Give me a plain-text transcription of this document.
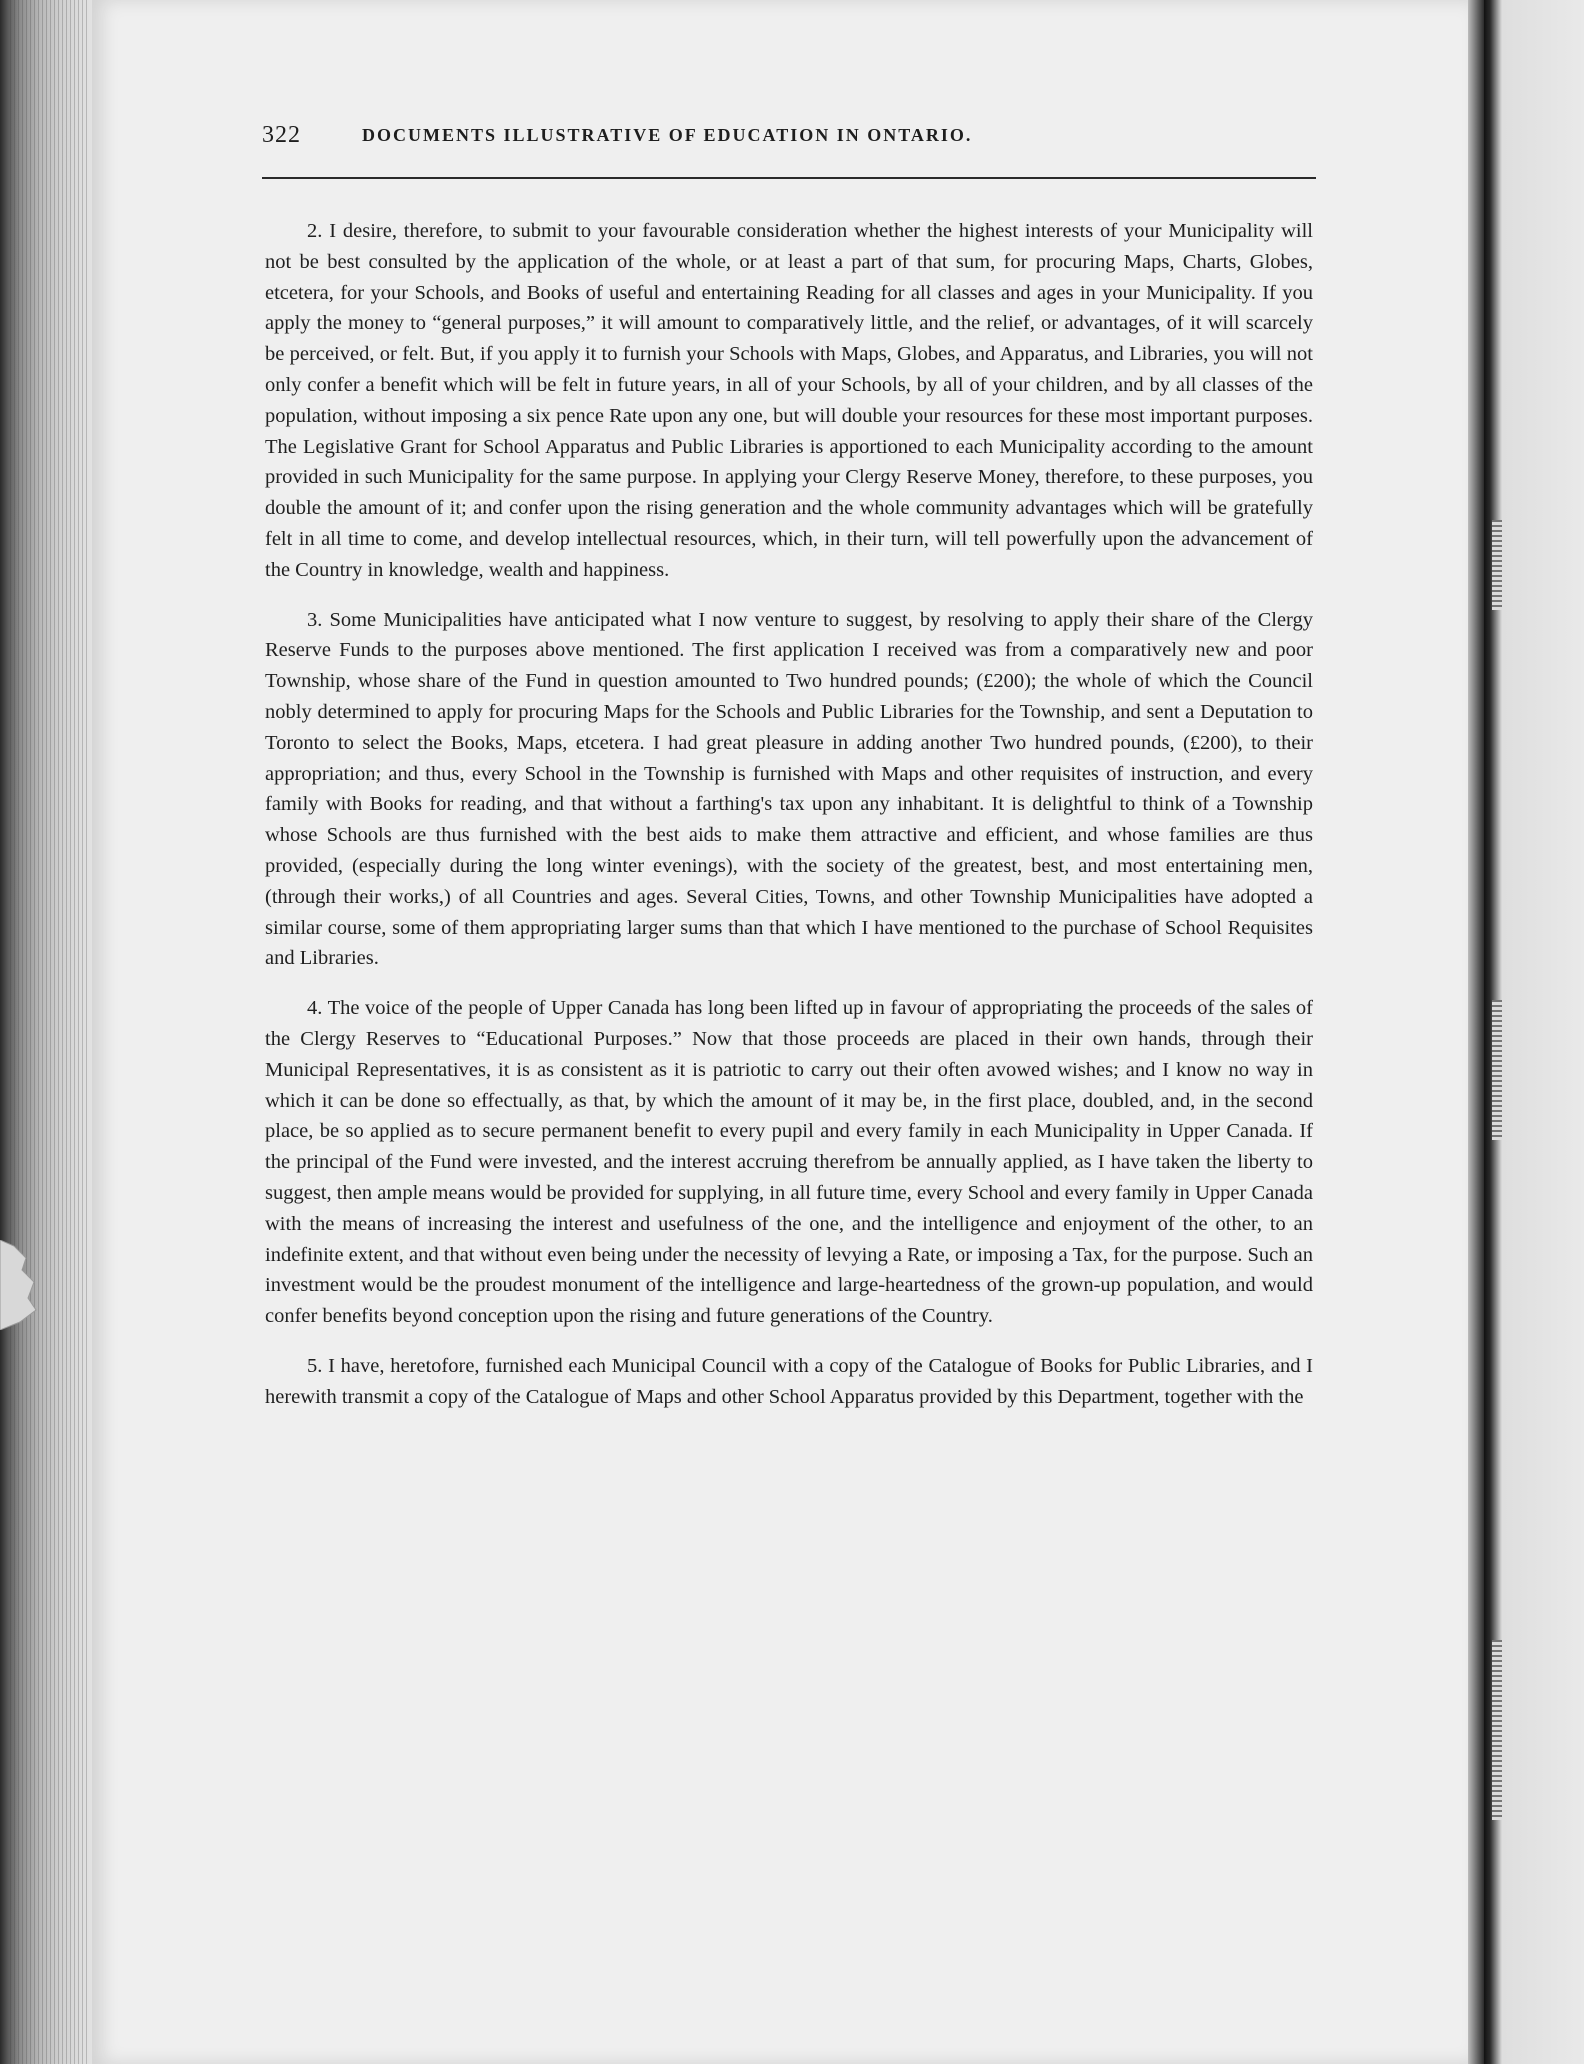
322	DOCUMENTS ILLUSTRATIVE OF EDUCATION IN ONTARIO.

2. I desire, therefore, to submit to your favourable consideration whether the highest interests of your Municipality will not be best consulted by the application of the whole, or at least a part of that sum, for procuring Maps, Charts, Globes, etcetera, for your Schools, and Books of useful and entertaining Reading for all classes and ages in your Municipality. If you apply the money to “general purposes,” it will amount to comparatively little, and the relief, or advantages, of it will scarcely be perceived, or felt. But, if you apply it to furnish your Schools with Maps, Globes, and Apparatus, and Libraries, you will not only confer a benefit which will be felt in future years, in all of your Schools, by all of your children, and by all classes of the population, without imposing a six pence Rate upon any one, but will double your resources for these most important purposes. The Legislative Grant for School Apparatus and Public Libraries is apportioned to each Municipality according to the amount provided in such Municipality for the same purpose. In applying your Clergy Reserve Money, therefore, to these purposes, you double the amount of it; and confer upon the rising generation and the whole community advantages which will be gratefully felt in all time to come, and develop intellectual resources, which, in their turn, will tell powerfully upon the advancement of the Country in knowledge, wealth and happiness.

3. Some Municipalities have anticipated what I now venture to suggest, by resolving to apply their share of the Clergy Reserve Funds to the purposes above mentioned. The first application I received was from a comparatively new and poor Township, whose share of the Fund in question amounted to Two hundred pounds; (£200); the whole of which the Council nobly determined to apply for procuring Maps for the Schools and Public Libraries for the Township, and sent a Deputation to Toronto to select the Books, Maps, etcetera. I had great pleasure in adding another Two hundred pounds, (£200), to their appropriation; and thus, every School in the Township is furnished with Maps and other requisites of instruction, and every family with Books for reading, and that without a farthing's tax upon any inhabitant. It is delightful to think of a Township whose Schools are thus furnished with the best aids to make them attractive and efficient, and whose families are thus provided, (especially during the long winter evenings), with the society of the greatest, best, and most entertaining men, (through their works,) of all Countries and ages. Several Cities, Towns, and other Township Municipalities have adopted a similar course, some of them appropriating larger sums than that which I have mentioned to the purchase of School Requisites and Libraries.

4. The voice of the people of Upper Canada has long been lifted up in favour of appropriating the proceeds of the sales of the Clergy Reserves to “Educational Purposes.” Now that those proceeds are placed in their own hands, through their Municipal Representatives, it is as consistent as it is patriotic to carry out their often avowed wishes; and I know no way in which it can be done so effectually, as that, by which the amount of it may be, in the first place, doubled, and, in the second place, be so applied as to secure permanent benefit to every pupil and every family in each Municipality in Upper Canada. If the principal of the Fund were invested, and the interest accruing therefrom be annually applied, as I have taken the liberty to suggest, then ample means would be provided for supplying, in all future time, every School and every family in Upper Canada with the means of increasing the interest and usefulness of the one, and the intelligence and enjoyment of the other, to an indefinite extent, and that without even being under the necessity of levying a Rate, or imposing a Tax, for the purpose. Such an investment would be the proudest monument of the intelligence and large-heartedness of the grown-up population, and would confer benefits beyond conception upon the rising and future generations of the Country.

5. I have, heretofore, furnished each Municipal Council with a copy of the Catalogue of Books for Public Libraries, and I herewith transmit a copy of the Catalogue of Maps and other School Apparatus provided by this Department, together with the
